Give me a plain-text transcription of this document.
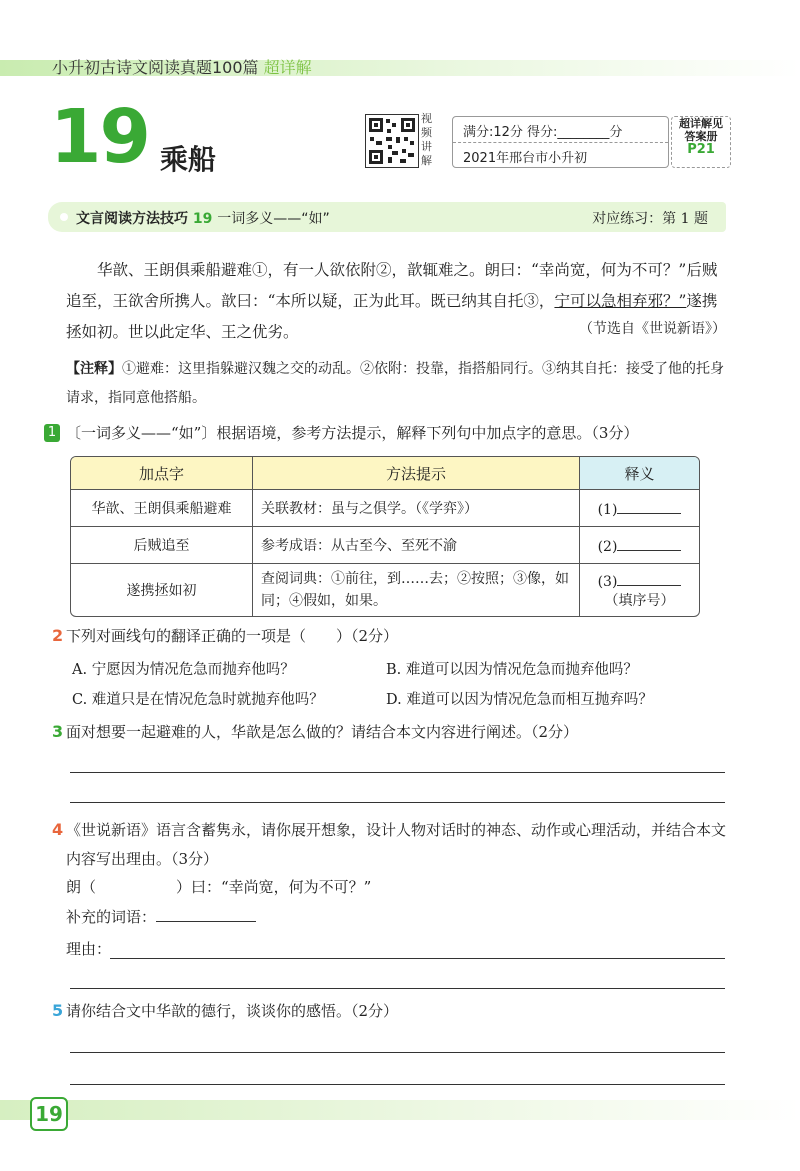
小升初古诗文阅读真题100篇 超详解
19 乘船
视频讲解
满分:12分 得分:________分
2021年邢台市小升初
超详解见
答案册
P21
文言阅读方法技巧 19 一词多义——“如”	对应练习：第 1 题
华歆、王朗俱乘船避难①，有一人欲依附②，歆辄难之。朗曰：“幸尚宽，何为不可？”后贼追至，王欲舍所携人。歆曰：“本所以疑，正为此耳。既已纳其自托③，宁可以急相弃邪？”遂携拯如初。世以此定华、王之优劣。	（节选自《世说新语》）
【注释】①避难：这里指躲避汉魏之交的动乱。②依附：投靠，指搭船同行。③纳其自托：接受了他的托身请求，指同意他搭船。
1 〔一词多义——“如”〕根据语境，参考方法提示，解释下列句中加点字的意思。（3分）
加点字	方法提示	释义
华歆、王朗俱乘船避难	关联教材：虽与之俱学。（《学弈》）	(1)
后贼追至	参考成语：从古至今、至死不渝	(2)
遂携拯如初	查阅词典：①前往，到……去；②按照；③像，如同；④假如，如果。	(3)
（填序号）
2 下列对画线句的翻译正确的一项是（　　）（2分）
A. 宁愿因为情况危急而抛弃他吗？	B. 难道可以因为情况危急而抛弃他吗？
C. 难道只是在情况危急时就抛弃他吗？	D. 难道可以因为情况危急而相互抛弃吗？
3 面对想要一起避难的人，华歆是怎么做的？请结合本文内容进行阐述。（2分）
4 《世说新语》语言含蓄隽永，请你展开想象，设计人物对话时的神态、动作或心理活动，并结合本文内容写出理由。（3分）
朗（	）曰：“幸尚宽，何为不可？”
补充的词语：
理由：
5 请你结合文中华歆的德行，谈谈你的感悟。（2分）
19
